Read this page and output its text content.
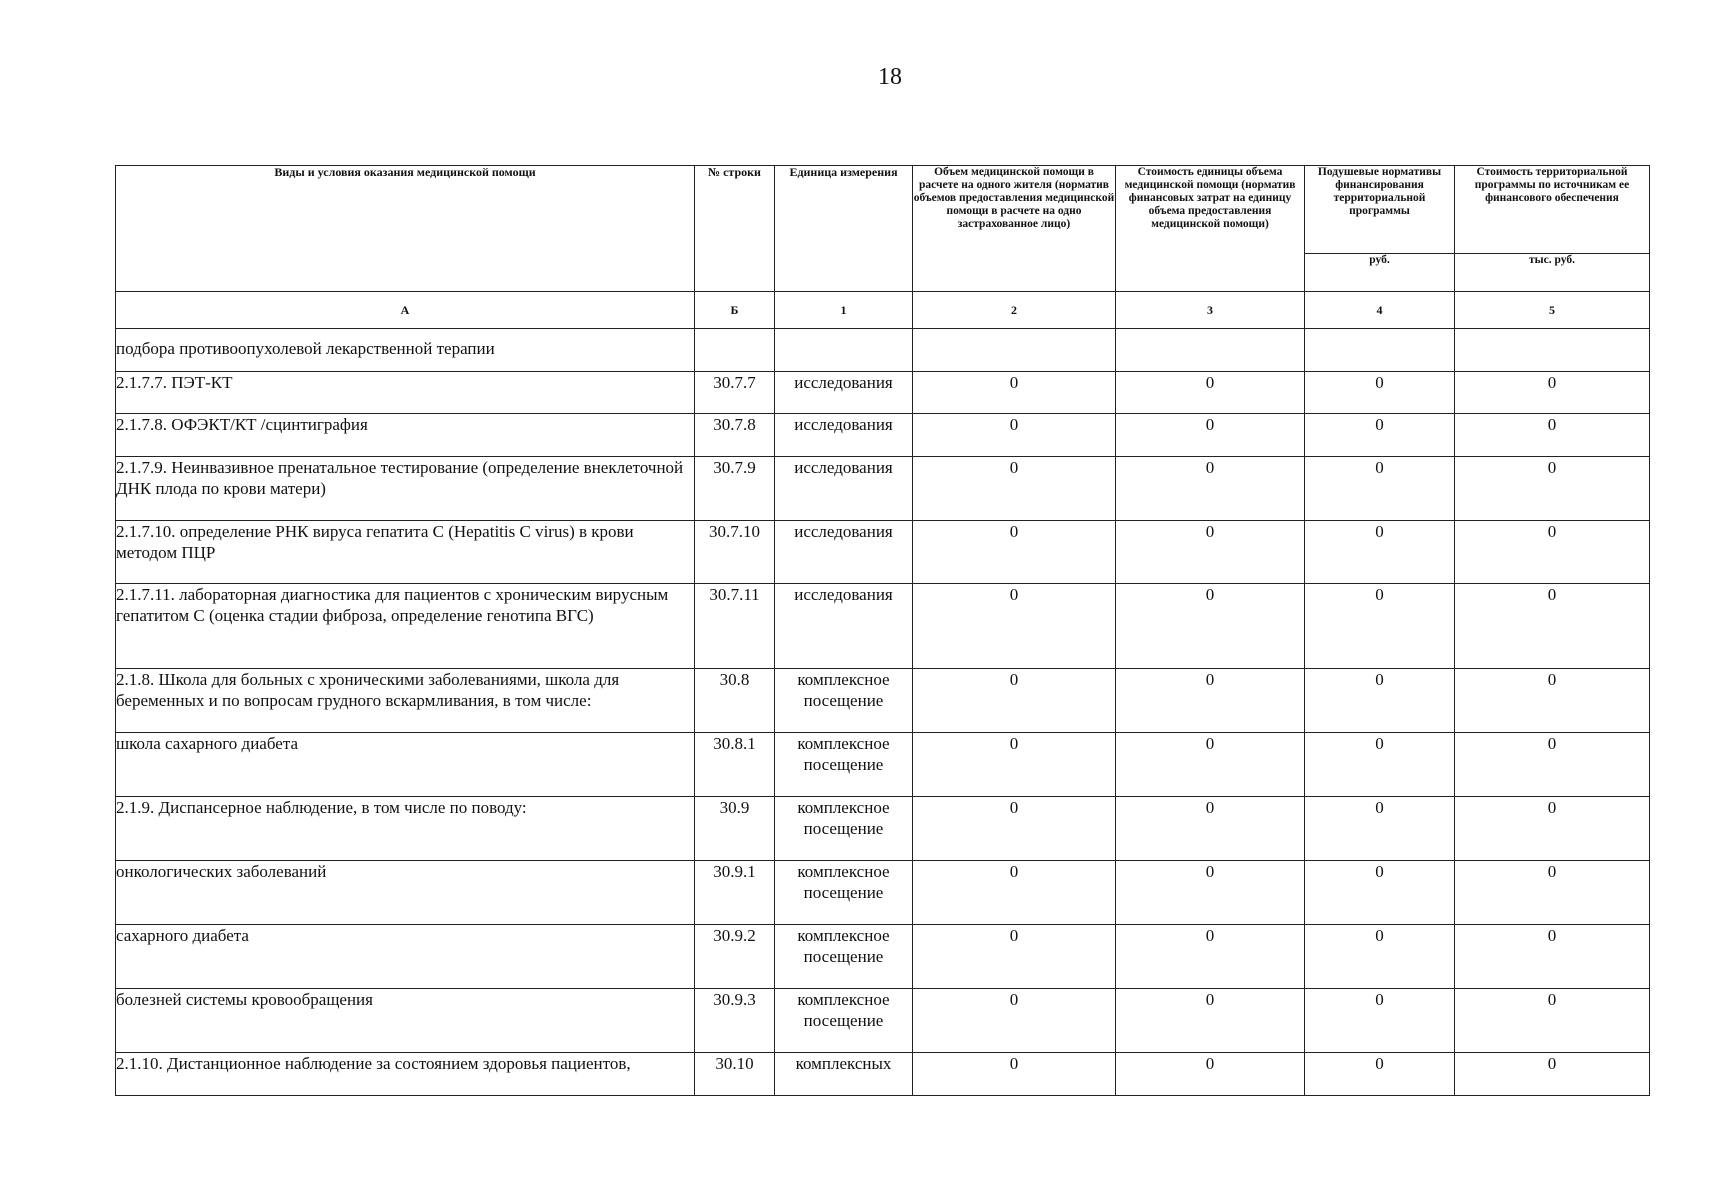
18
Виды и условия оказания медицинской помощи	№ строки	Единица измерения	Объем медицинской помощи в расчете на одного жителя (норматив объемов предоставления медицинской помощи в расчете на одно застрахованное лицо)	Стоимость единицы объема медицинской помощи (норматив финансовых затрат на единицу объема предоставления медицинской помощи)	Подушевые нормативы финансирования территориальной программы	Стоимость территориальной программы по источникам ее финансового обеспечения
					руб.	тыс. руб.
А	Б	1	2	3	4	5
подбора противоопухолевой лекарственной терапии						
2.1.7.7. ПЭТ-КТ	30.7.7	исследования	0	0	0	0
2.1.7.8. ОФЭКТ/КТ /сцинтиграфия	30.7.8	исследования	0	0	0	0
2.1.7.9. Неинвазивное пренатальное тестирование (определение внеклеточной ДНК плода по крови матери)	30.7.9	исследования	0	0	0	0
2.1.7.10. определение РНК вируса гепатита С (Hepatitis C virus) в крови методом ПЦР	30.7.10	исследования	0	0	0	0
2.1.7.11. лабораторная диагностика для пациентов с хроническим вирусным гепатитом С (оценка стадии фиброза, определение генотипа ВГС)	30.7.11	исследования	0	0	0	0
2.1.8. Школа для больных с хроническими заболеваниями, школа для беременных и по вопросам грудного вскармливания, в том числе:	30.8	комплексное посещение	0	0	0	0
школа сахарного диабета	30.8.1	комплексное посещение	0	0	0	0
2.1.9. Диспансерное наблюдение, в том числе по поводу:	30.9	комплексное посещение	0	0	0	0
онкологических заболеваний	30.9.1	комплексное посещение	0	0	0	0
сахарного диабета	30.9.2	комплексное посещение	0	0	0	0
болезней системы кровообращения	30.9.3	комплексное посещение	0	0	0	0
2.1.10. Дистанционное наблюдение за состоянием здоровья пациентов,	30.10	комплексных	0	0	0	0
